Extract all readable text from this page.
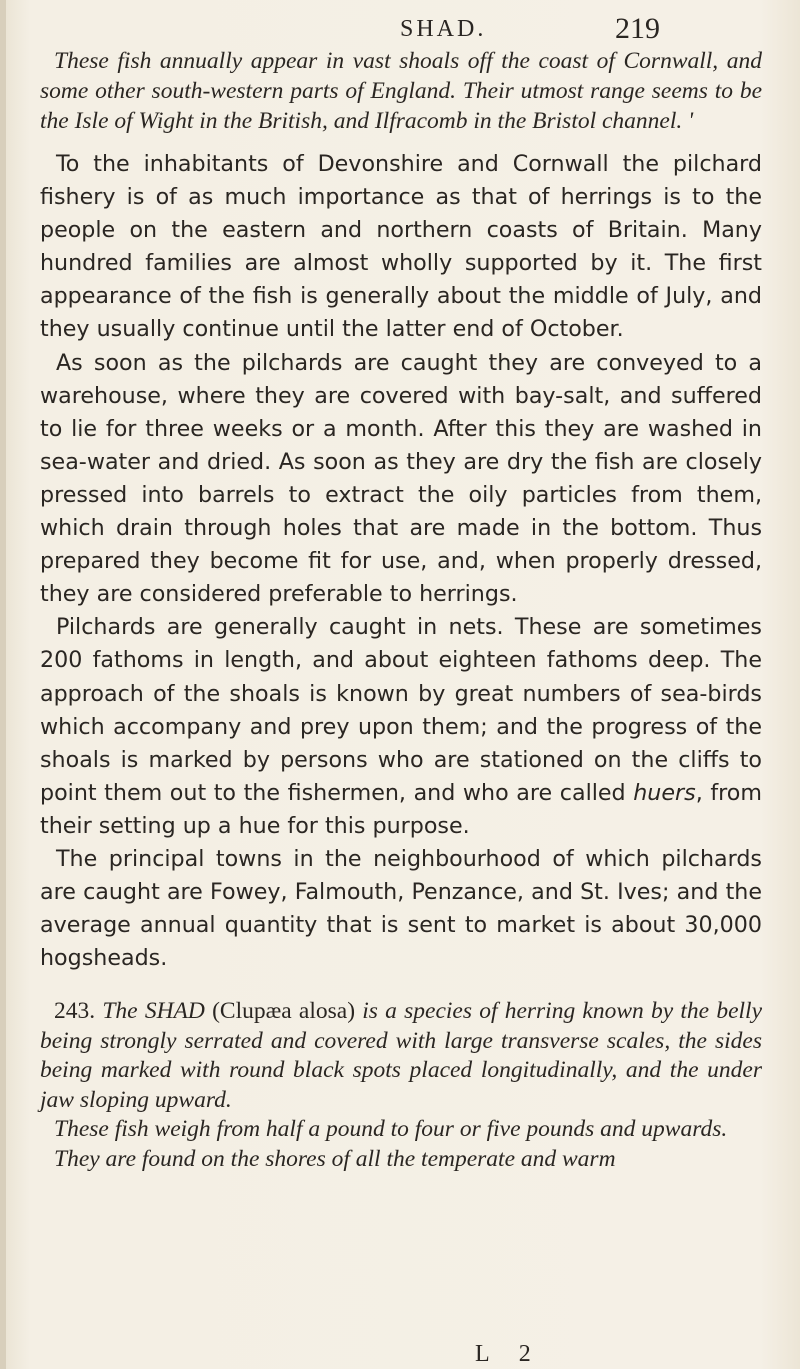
SHAD.	219

These fish annually appear in vast shoals off the coast of Cornwall, and some other south-western parts of England. Their utmost range seems to be the Isle of Wight in the British, and Ilfracomb in the Bristol channel. '

To the inhabitants of Devonshire and Cornwall the pilchard fishery is of as much importance as that of herrings is to the people on the eastern and northern coasts of Britain. Many hundred families are almost wholly supported by it. The first appearance of the fish is generally about the middle of July, and they usually continue until the latter end of October.

As soon as the pilchards are caught they are conveyed to a warehouse, where they are covered with bay-salt, and suffered to lie for three weeks or a month. After this they are washed in sea-water and dried. As soon as they are dry the fish are closely pressed into barrels to extract the oily particles from them, which drain through holes that are made in the bottom. Thus prepared they become fit for use, and, when properly dressed, they are considered preferable to herrings.

Pilchards are generally caught in nets. These are sometimes 200 fathoms in length, and about eighteen fathoms deep. The approach of the shoals is known by great numbers of sea-birds which accompany and prey upon them; and the progress of the shoals is marked by persons who are stationed on the cliffs to point them out to the fishermen, and who are called huers, from their setting up a hue for this purpose.

The principal towns in the neighbourhood of which pilchards are caught are Fowey, Falmouth, Penzance, and St. Ives; and the average annual quantity that is sent to market is about 30,000 hogsheads.

243. The SHAD (Clupæa alosa) is a species of herring known by the belly being strongly serrated and covered with large transverse scales, the sides being marked with round black spots placed longitudinally, and the under jaw sloping upward.

These fish weigh from half a pound to four or five pounds and upwards.

They are found on the shores of all the temperate and warm

L 2
